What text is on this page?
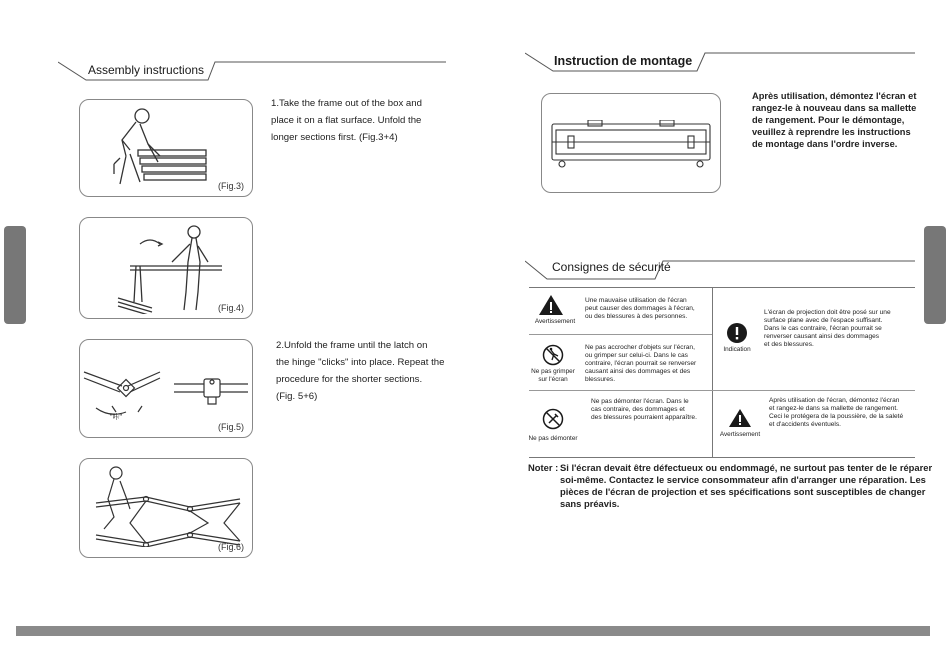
Assembly instructions
(Fig.3)
1.Take the frame out of the box and
place it on a flat surface. Unfold the
longer sections first. (Fig.3+4)
(Fig.4)
"咔"
(Fig.5)
2.Unfold the frame until the latch on
the hinge "clicks" into place. Repeat the
procedure for the shorter sections.
(Fig. 5+6)
(Fig.6)
Instruction de montage
Après utilisation, démontez l'écran et
rangez-le à nouveau dans sa mallette
de rangement. Pour le démontage,
veuillez à reprendre les instructions
de montage dans l'ordre inverse.
Consignes de sécurité
Avertissement
Une mauvaise utilisation de l'écran
peut causer des dommages à l'écran,
ou des blessures à des personnes.
Ne pas grimper sur l'écran
Ne pas accrocher d'objets sur l'écran,
ou grimper sur celui-ci. Dans le cas
contraire, l'écran pourrait se renverser
causant ainsi des dommages et des
blessures.
Ne pas démonter
Ne pas démonter l'écran. Dans le
cas contraire, des dommages et
des blessures pourraient apparaître.
Indication
L'écran de projection doit être posé sur une
surface plane avec de l'espace suffisant.
Dans le cas contraire, l'écran pourrait se
renverser causant ainsi des dommages
et des blessures.
Avertissement
Après utilisation de l'écran, démontez l'écran
et rangez-le dans sa mallette de rangement.
Ceci le protégera de la poussière, de la saleté
et d'accidents éventuels.
Noter : Si l'écran devait être défectueux ou endommagé, ne surtout pas tenter de le réparer
soi-même. Contactez le service consommateur afin d'arranger une réparation. Les
pièces de l'écran de projection et ses spécifications sont susceptibles de changer
sans préavis.
